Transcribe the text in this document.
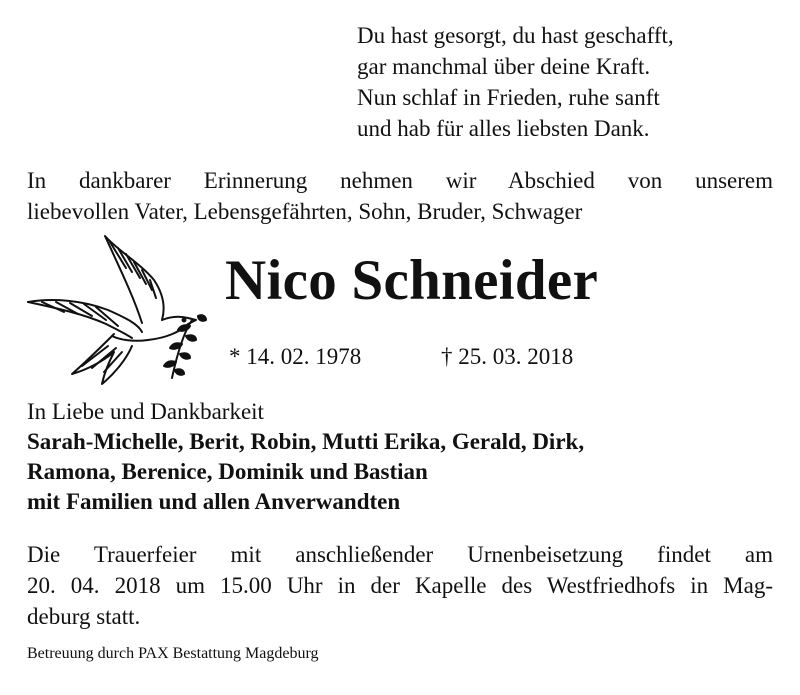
Du hast gesorgt, du hast geschafft,
gar manchmal über deine Kraft.
Nun schlaf in Frieden, ruhe sanft
und hab für alles liebsten Dank.
In dankbarer Erinnerung nehmen wir Abschied von unserem
liebevollen Vater, Lebensgefährten, Sohn, Bruder, Schwager
Nico Schneider
* 14. 02. 1978	† 25. 03. 2018
In Liebe und Dankbarkeit
Sarah-Michelle, Berit, Robin, Mutti Erika, Gerald, Dirk,
Ramona, Berenice, Dominik und Bastian
mit Familien und allen Anverwandten
Die Trauerfeier mit anschließender Urnenbeisetzung findet am
20. 04. 2018 um 15.00 Uhr in der Kapelle des Westfriedhofs in Mag-
deburg statt.
Betreuung durch PAX Bestattung Magdeburg
